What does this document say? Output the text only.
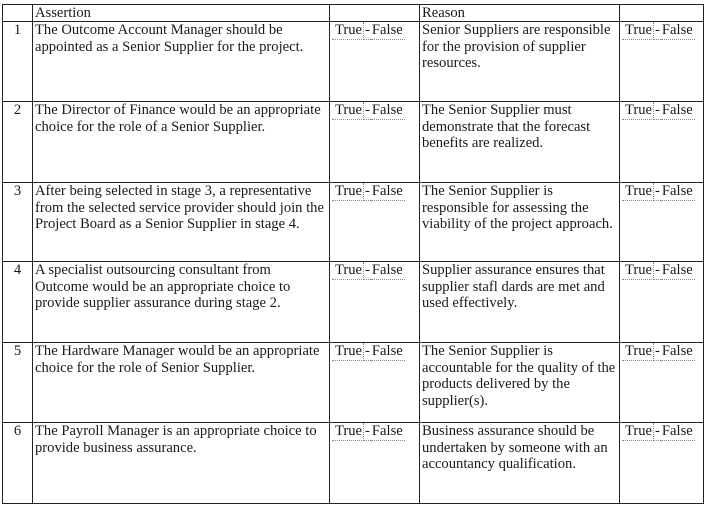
	Assertion		Reason	
1	The Outcome Account Manager should be appointed as a Senior Supplier for the project.	True - False	Senior Suppliers are responsible for the provision of supplier resources.	True - False

2	The Director of Finance would be an appropriate choice for the role of a Senior Supplier.	True - False	The Senior Supplier must demonstrate that the forecast benefits are realized.	True - False

3	After being selected in stage 3, a representative from the selected service provider should join the Project Board as a Senior Supplier in stage 4.	True - False	The Senior Supplier is responsible for assessing the viability of the project approach.	True - False

4	A specialist outsourcing consultant from Outcome would be an appropriate choice to provide supplier assurance during stage 2.	True - False	Supplier assurance ensures that supplier stafl dards are met and used effectively.	True - False

5	The Hardware Manager would be an appropriate choice for the role of Senior Supplier.	True - False	The Senior Supplier is accountable for the quality of the products delivered by the supplier(s).	True - False

6	The Payroll Manager is an appropriate choice to provide business assurance.	True - False	Business assurance should be undertaken by someone with an accountancy qualification.	True - False
